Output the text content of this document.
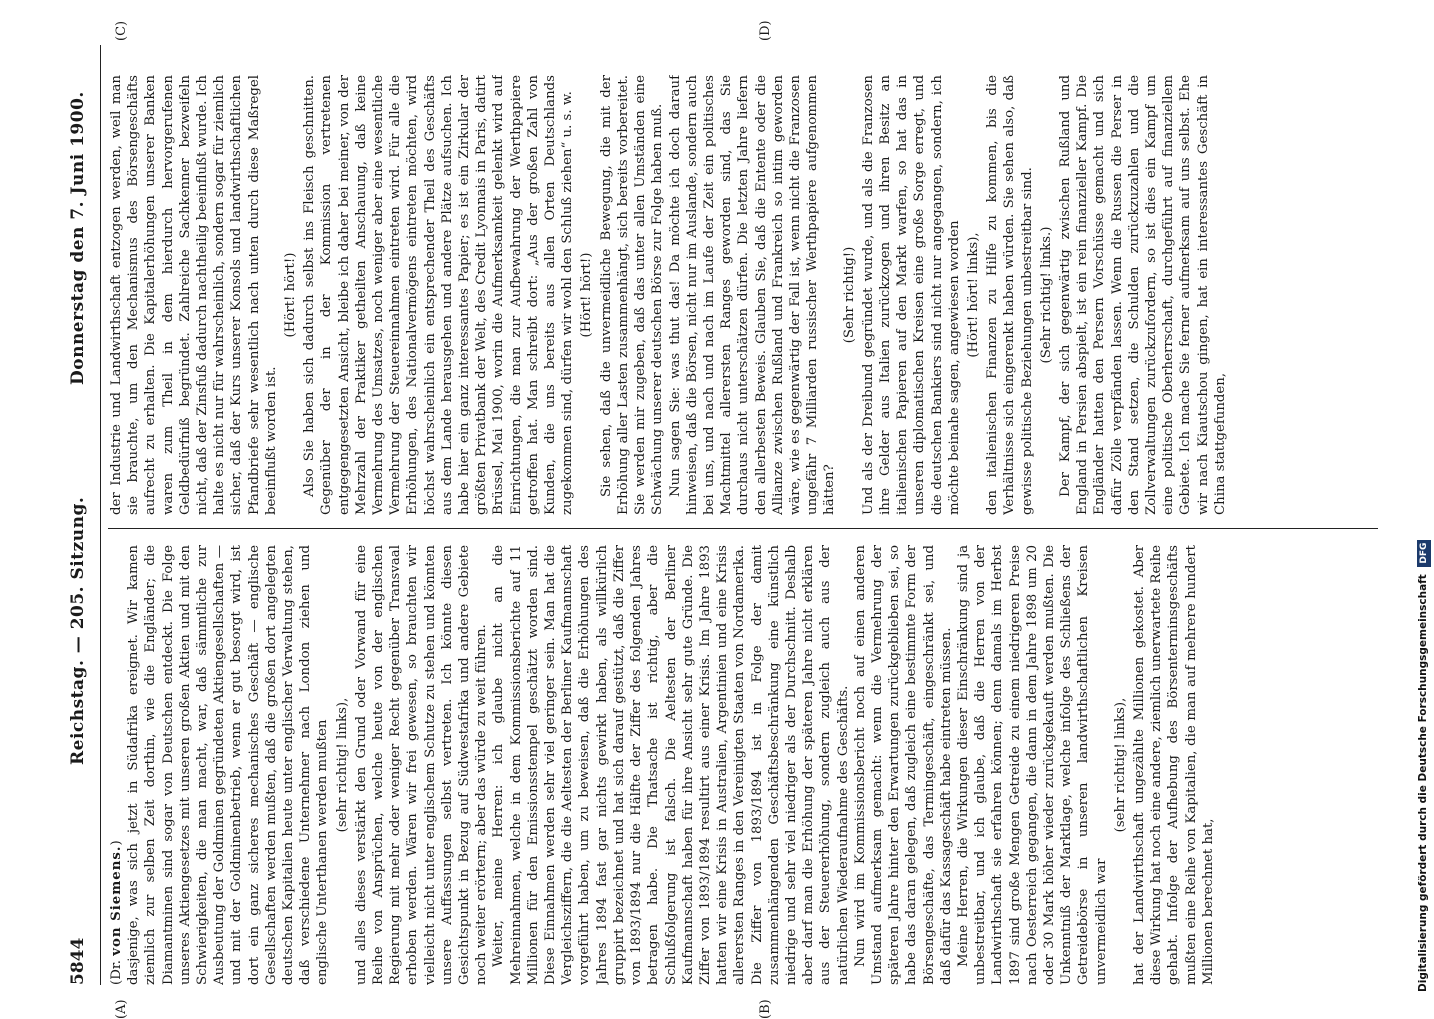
5844
Reichstag. — 205. Sitzung.
Donnerstag den 7. Juni 1900.
(A)	(B)
(C)	(D)

(Dr. von Siemens.) dasjenige, was sich jetzt in Südafrika ereignet. Wir kamen ziemlich zur selben Zeit dorthin, wie die Engländer; die Diamantminen sind sogar von Deutschen entdeckt. Die Folge unseres Aktiengesetzes mit unseren großen Aktien und mit den Schwierigkeiten, die man macht, war, daß sämmtliche zur Ausbeutung der Goldminen gegründeten Aktiengesellschaften — und mit der Goldminenbetrieb, wenn er gut besorgt wird, ist dort ein ganz sicheres mechanisches Geschäft — englische Gesellschaften werden mußten, daß die großen dort angelegten deutschen Kapitalien heute unter englischer Verwaltung stehen, daß verschiedene Unternehmer nach London ziehen und englische Unterthanen werden mußten (sehr richtig! links), und alles dieses verstärkt den Grund oder Vorwand für eine Reihe von Ansprüchen, welche heute von der englischen Regierung mit mehr oder weniger Recht gegenüber Transvaal erhoben werden. Wären wir frei gewesen, so brauchten wir vielleicht nicht unter englischem Schutze zu stehen und könnten unsere Auffassungen selbst vertreten. Ich könnte diesen Gesichtspunkt in Bezug auf Südwestafrika und andere Gebiete noch weiter erörtern; aber das würde zu weit führen. Weiter, meine Herren: ich glaube nicht an die Mehreinnahmen, welche in dem Kommissionsberichte auf 11 Millionen für den Emissionsstempel geschätzt worden sind. Diese Einnahmen werden sehr viel geringer sein. Man hat die Vergleichsziffern, die die Aeltesten der Berliner Kaufmannschaft vorgeführt haben, um zu beweisen, daß die Erhöhungen des Jahres 1894 fast gar nichts gewirkt haben, als willkürlich gruppirt bezeichnet und hat sich darauf gestützt, daß die Ziffer von 1893/1894 nur die Hälfte der Ziffer des folgenden Jahres betragen habe. Die Thatsache ist richtig, aber die Schlußfolgerung ist falsch. Die Aeltesten der Berliner Kaufmannschaft haben für ihre Ansicht sehr gute Gründe. Die Ziffer von 1893/1894 resultirt aus einer Krisis. Im Jahre 1893 hatten wir eine Krisis in Australien, Argentinien und eine Krisis allerersten Ranges in den Vereinigten Staaten von Nordamerika. Die Ziffer von 1893/1894 ist in Folge der damit zusammenhängenden Geschäftsbeschränkung eine künstlich niedrige und sehr viel niedriger als der Durchschnitt. Deshalb aber darf man die Erhöhung der späteren Jahre nicht erklären aus der Steuererhöhung, sondern zugleich auch aus der natürlichen Wiederaufnahme des Geschäfts. Nun wird im Kommissionsbericht noch auf einen anderen Umstand aufmerksam gemacht: wenn die Vermehrung der späteren Jahre hinter den Erwartungen zurückgeblieben sei, so habe das daran gelegen, daß zugleich eine bestimmte Form der Börsengeschäfte, das Termingeschäft, eingeschränkt sei, und daß dafür das Kassageschäft habe eintreten müssen. Meine Herren, die Wirkungen dieser Einschränkung sind ja unbestreitbar, und ich glaube, daß die Herren von der Landwirthschaft sie erfahren können; denn damals im Herbst 1897 sind große Mengen Getreide zu einem niedrigeren Preise nach Oesterreich gegangen, die dann in dem Jahre 1898 um 20 oder 30 Mark höher wieder zurückgekauft werden mußten. Die Unkenntniß der Marktlage, welche infolge des Schließens der Getreidebörse in unseren landwirthschaftlichen Kreisen unvermeidlich war

(sehr richtig! links), hat der Landwirthschaft ungezählte Millionen gekostet. Aber diese Wirkung hat noch eine andere, ziemlich unerwartete Reihe gehabt. Infolge der Aufhebung des Börsenterminsgeschäfts mußten eine Reihe von Kapitalien, die man auf mehrere hundert Millionen berechnet hat,

der Industrie und Landwirthschaft entzogen werden, weil man sie brauchte, um den Mechanismus des Börsengeschäfts aufrecht zu erhalten. Die Kapitalerhöhungen unserer Banken waren zum Theil in dem hierdurch hervorgerufenen Geldbedürfniß begründet. Zahlreiche Sachkenner bezweifeln nicht, daß der Zinsfuß dadurch nachtheilig beeinflußt wurde. Ich halte es nicht nur für wahrscheinlich, sondern sogar für ziemlich sicher, daß der Kurs unserer Konsols und landwirthschaftlichen Pfandbriefe sehr wesentlich nach unten durch diese Maßregel beeinflußt worden ist.

(Hört! hört!) Also Sie haben sich dadurch selbst ins Fleisch geschnitten. Gegenüber der in der Kommission vertretenen entgegengesetzten Ansicht, bleibe ich daher bei meiner, von der Mehrzahl der Praktiker getheilten Anschauung, daß keine Vermehrung des Umsatzes, noch weniger aber eine wesentliche Vermehrung der Steuereinnahmen eintreten wird. Für alle die Erhöhungen, des Nationalvermögens eintreten möchten, wird höchst wahrscheinlich ein entsprechender Theil des Geschäfts aus dem Lande herausgehen und andere Plätze aufsuchen. Ich habe hier ein ganz interessantes Papier; es ist ein Zirkular der größten Privatbank der Welt, des Credit Lyonnais in Paris, datirt Brüssel, Mai 1900, worin die Aufmerksamkeit gelenkt wird auf Einrichtungen, die man zur Aufbewahrung der Werthpapiere getroffen hat. Man schreibt dort: „Aus der großen Zahl von Kunden, die uns bereits aus allen Orten Deutschlands zugekommen sind, dürfen wir wohl den Schluß ziehen“ u. s. w. (Hört! hört!) Sie sehen, daß die unvermeidliche Bewegung, die mit der Erhöhung aller Lasten zusammenhängt, sich bereits vorbereitet. Sie werden mir zugeben, daß das unter allen Umständen eine Schwächung unserer deutschen Börse zur Folge haben muß. Nun sagen Sie: was thut das! Da möchte ich doch darauf hinweisen, daß die Börsen, nicht nur im Auslande, sondern auch bei uns, und nach und nach im Laufe der Zeit ein politisches Machtmittel allerersten Ranges geworden sind, das Sie durchaus nicht unterschätzen dürfen. Die letzten Jahre liefern den allerbesten Beweis. Glauben Sie, daß die Entente oder die Allianze zwischen Rußland und Frankreich so intim geworden wäre, wie es gegenwärtig der Fall ist, wenn nicht die Franzosen ungefähr 7 Milliarden russischer Werthpapiere aufgenommen hätten?

(Sehr richtig!) Und als der Dreibund gegründet wurde, und als die Franzosen ihre Gelder aus Italien zurückzogen und ihren Besitz an italienischen Papieren auf den Markt warfen, so hat das in unseren diplomatischen Kreisen eine große Sorge erregt, und die deutschen Bankiers sind nicht nur angegangen, sondern, ich möchte beinahe sagen, angewiesen worden (Hört! hört! links), den italienischen Finanzen zu Hilfe zu kommen, bis die Verhältnisse sich eingerenkt haben würden. Sie sehen also, daß gewisse politische Beziehungen unbestreitbar sind. (Sehr richtig! links.) Der Kampf, der sich gegenwärtig zwischen Rußland und England in Persien abspielt, ist ein rein finanzieller Kampf. Die Engländer hatten den Persern Vorschüsse gemacht und sich dafür Zölle verpfänden lassen. Wenn die Russen die Perser in den Stand setzen, die Schulden zurückzuzahlen und die Zollverwaltungen zurückzufordern, so ist dies ein Kampf um eine politische Oberherrschaft, durchgeführt auf finanziellem Gebiete. Ich mache Sie ferner aufmerksam auf uns selbst. Ehe wir nach Kiautschou gingen, hat ein interessantes Geschäft in China stattgefunden,

Digitalisierung gefördert durch die Deutsche Forschungsgemeinschaft DFG
